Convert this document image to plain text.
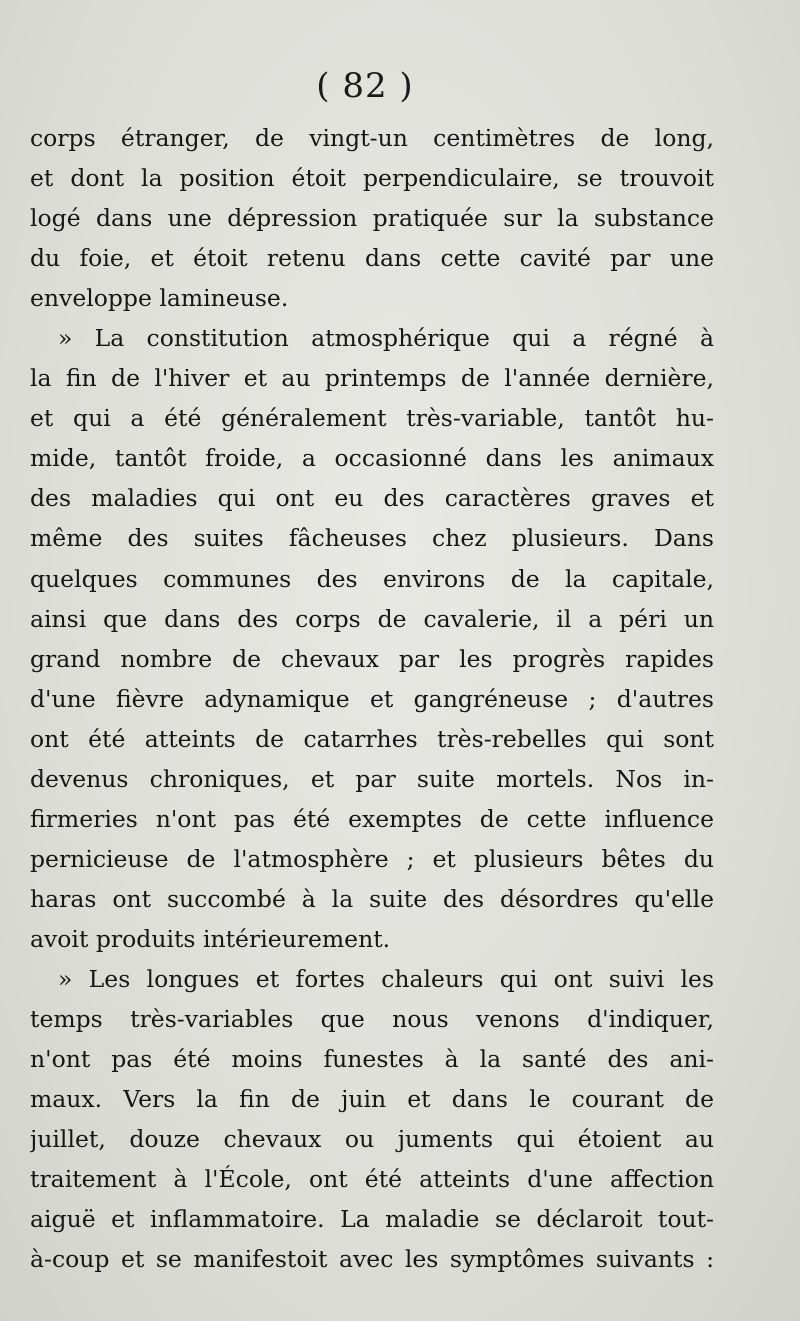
( 82 )
corps étranger, de vingt-un centimètres de long,
et dont la position étoit perpendiculaire, se trouvoit
logé dans une dépression pratiquée sur la substance
du foie, et étoit retenu dans cette cavité par une
enveloppe lamineuse.
» La constitution atmosphérique qui a régné à
la fin de l'hiver et au printemps de l'année dernière,
et qui a été généralement très-variable, tantôt hu-
mide, tantôt froide, a occasionné dans les animaux
des maladies qui ont eu des caractères graves et
même des suites fâcheuses chez plusieurs. Dans
quelques communes des environs de la capitale,
ainsi que dans des corps de cavalerie, il a péri un
grand nombre de chevaux par les progrès rapides
d'une fièvre adynamique et gangréneuse ; d'autres
ont été atteints de catarrhes très-rebelles qui sont
devenus chroniques, et par suite mortels. Nos in-
firmeries n'ont pas été exemptes de cette influence
pernicieuse de l'atmosphère ; et plusieurs bêtes du
haras ont succombé à la suite des désordres qu'elle
avoit produits intérieurement.
» Les longues et fortes chaleurs qui ont suivi les
temps très-variables que nous venons d'indiquer,
n'ont pas été moins funestes à la santé des ani-
maux. Vers la fin de juin et dans le courant de
juillet, douze chevaux ou juments qui étoient au
traitement à l'École, ont été atteints d'une affection
aiguë et inflammatoire. La maladie se déclaroit tout-
à-coup et se manifestoit avec les symptômes suivants :
